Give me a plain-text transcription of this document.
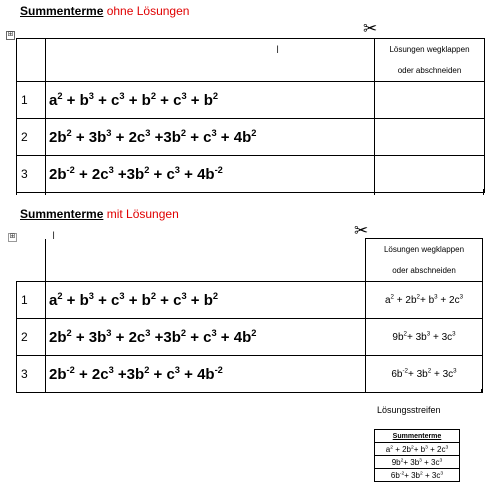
Summenterme ohne Lösungen
✂
⊞
I

		Lösungen wegklappen
oder abschneiden

1	$a^2 + b^3 + c^3 + b^2 + c^3 + b^2$	
2	$2b^2 + 3b^3 + 2c^3 +3b^2 + c^3 + 4b^2$	
3	$2b^{-2} + 2c^3 +3b^2 + c^3 + 4b^{-2}$	
Summenterme mit Lösungen
✂
⊞	I

		Lösungen wegklappen
oder abschneiden

1	$a^2 + b^3 + c^3 + b^2 + c^3 + b^2$	$a^2 + 2b^2+ b^3 + 2c^3$
2	$2b^2 + 3b^3 + 2c^3 +3b^2 + c^3 + 4b^2$	$9b^2+ 3b^3 + 3c^3$
3	$2b^{-2} + 2c^3 +3b^2 + c^3 + 4b^{-2}$	$6b^{-2}+ 3b^2 + 3c^3$
Lösungsstreifen
Summenterme
$a^2 + 2b^2+ b^3 + 2c^3$
$9b^2+ 3b^3 + 3c^3$
$6b^{-2}+ 3b^2 + 3c^3$
